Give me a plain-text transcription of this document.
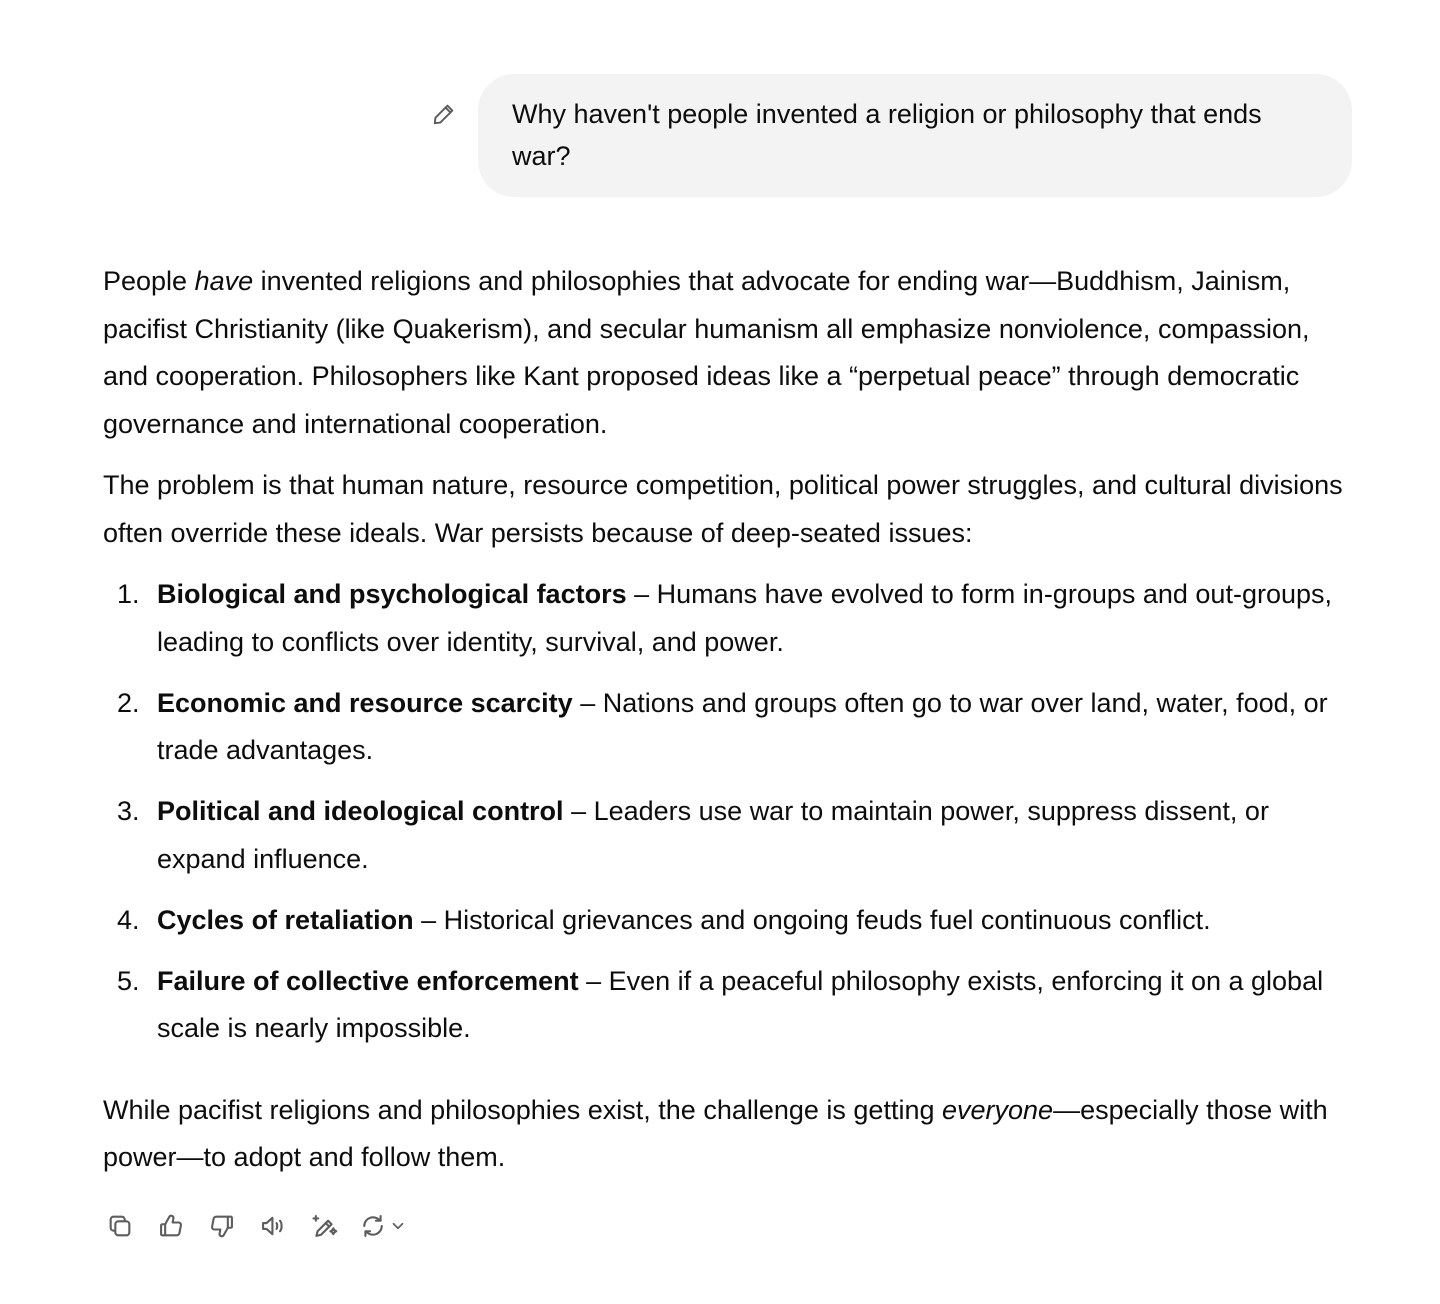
Why haven't people invented a religion or philosophy that ends war?

People have invented religions and philosophies that advocate for ending war—Buddhism, Jainism, pacifist Christianity (like Quakerism), and secular humanism all emphasize nonviolence, compassion, and cooperation. Philosophers like Kant proposed ideas like a “perpetual peace” through democratic governance and international cooperation.

The problem is that human nature, resource competition, political power struggles, and cultural divisions often override these ideals. War persists because of deep-seated issues:

1. Biological and psychological factors – Humans have evolved to form in-groups and out-groups, leading to conflicts over identity, survival, and power.
2. Economic and resource scarcity – Nations and groups often go to war over land, water, food, or trade advantages.
3. Political and ideological control – Leaders use war to maintain power, suppress dissent, or expand influence.
4. Cycles of retaliation – Historical grievances and ongoing feuds fuel continuous conflict.
5. Failure of collective enforcement – Even if a peaceful philosophy exists, enforcing it on a global scale is nearly impossible.

While pacifist religions and philosophies exist, the challenge is getting everyone—especially those with power—to adopt and follow them.
